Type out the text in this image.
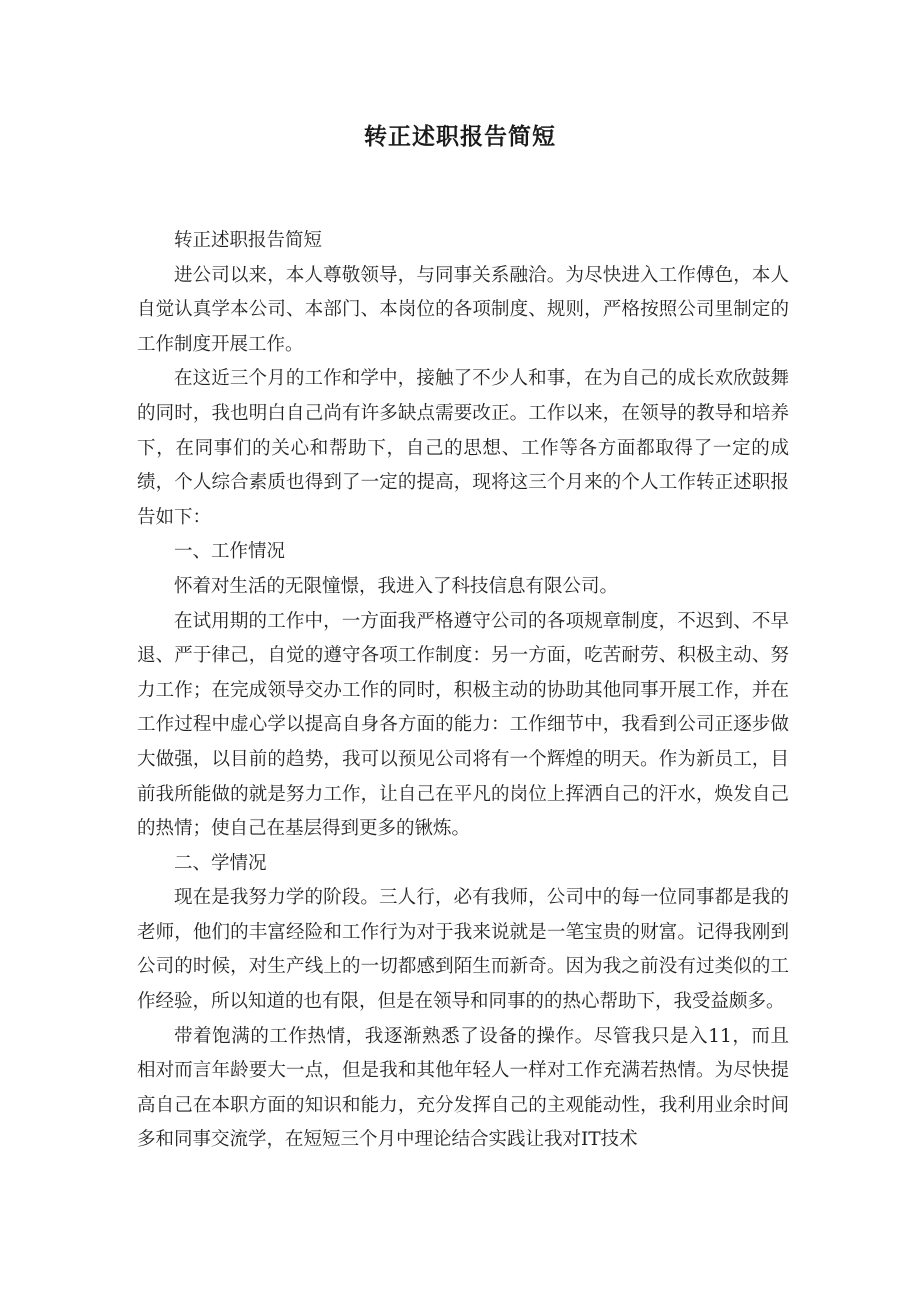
转正述职报告简短

转正述职报告简短

进公司以来，本人尊敬领导，与同事关系融洽。为尽快进入工作傅色，本人自觉认真学本公司、本部门、本岗位的各项制度、规则，严格按照公司里制定的工作制度开展工作。

在这近三个月的工作和学中，接触了不少人和事，在为自己的成长欢欣鼓舞的同时，我也明白自己尚有许多缺点需要改正。工作以来，在领导的教导和培养下，在同事们的关心和帮助下，自己的思想、工作等各方面都取得了一定的成绩，个人综合素质也得到了一定的提高，现将这三个月来的个人工作转正述职报告如下：

一、工作情况

怀着对生活的无限憧憬，我进入了科技信息有限公司。

在试用期的工作中，一方面我严格遵守公司的各项规章制度，不迟到、不早退、严于律己，自觉的遵守各项工作制度：另一方面，吃苦耐劳、积极主动、努力工作；在完成领导交办工作的同时，积极主动的协助其他同事开展工作，并在工作过程中虚心学以提高自身各方面的能力：工作细节中，我看到公司正逐步做大做强，以目前的趋势，我可以预见公司将有一个辉煌的明天。作为新员工，目前我所能做的就是努力工作，让自己在平凡的岗位上挥洒自己的汗水，焕发自己的热情；使自己在基层得到更多的锹炼。

二、学情况

现在是我努力学的阶段。三人行，必有我师，公司中的每一位同事都是我的老师，他们的丰富经险和工作行为对于我来说就是一笔宝贵的财富。记得我刚到公司的时候，对生产线上的一切都感到陌生而新奇。因为我之前没有过类似的工作经验，所以知道的也有限，但是在领导和同事的的热心帮助下，我受益颇多。

带着饱满的工作热情，我逐渐熟悉了设备的操作。尽管我只是入11，而且相对而言年龄要大一点，但是我和其他年轻人一样对工作充满若热情。为尽快提高自己在本职方面的知识和能力，充分发挥自己的主观能动性，我利用业余时间多和同事交流学，在短短三个月中理论结合实践让我对IT技术
